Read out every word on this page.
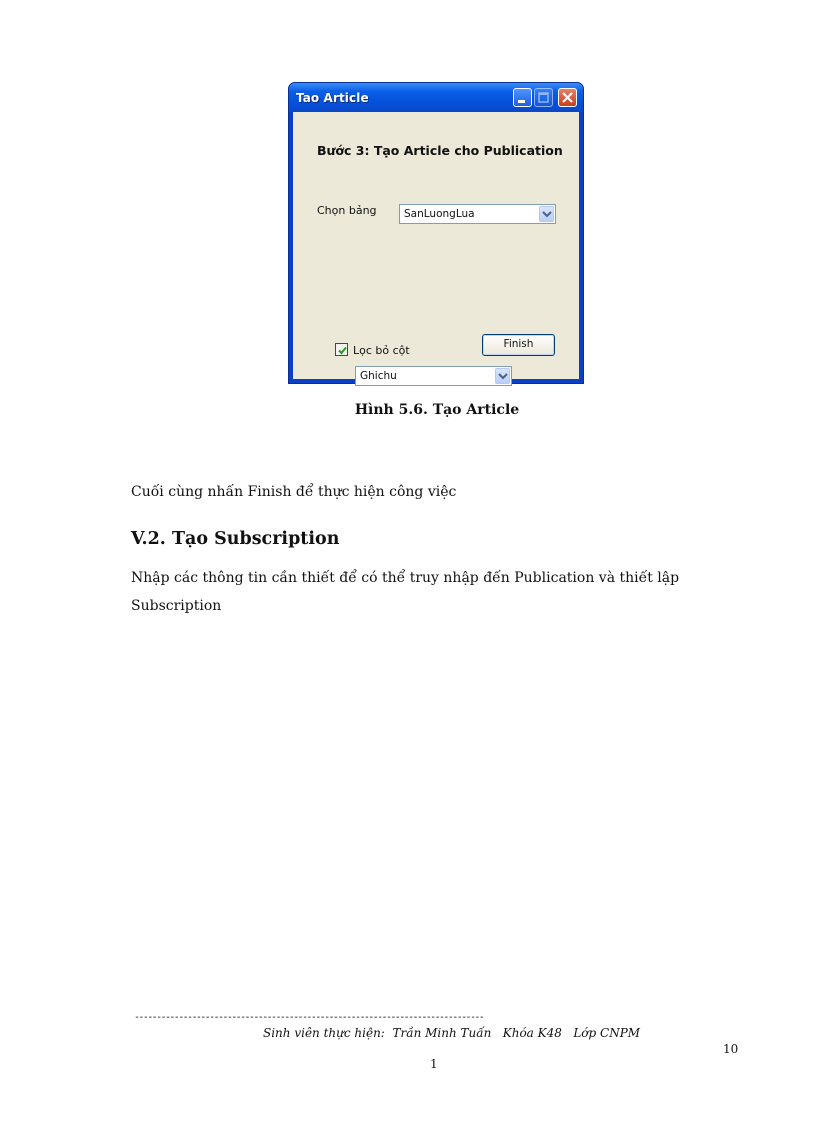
Tao Article
Bước 3: Tạo Article cho Publication
Chọn bảng	SanLuongLua
Lọc bỏ cột
Ghichu
Finish
Hình 5.6. Tạo Article
Cuối cùng nhấn Finish để thực hiện công việc
V.2. Tạo Subscription
Nhập các thông tin cần thiết để có thể truy nhập đến Publication và thiết lập
Subscription
-------------------------------------------------------------------------------
Sinh viên thực hiện:  Trần Minh Tuấn   Khóa K48   Lớp CNPM
10
1
